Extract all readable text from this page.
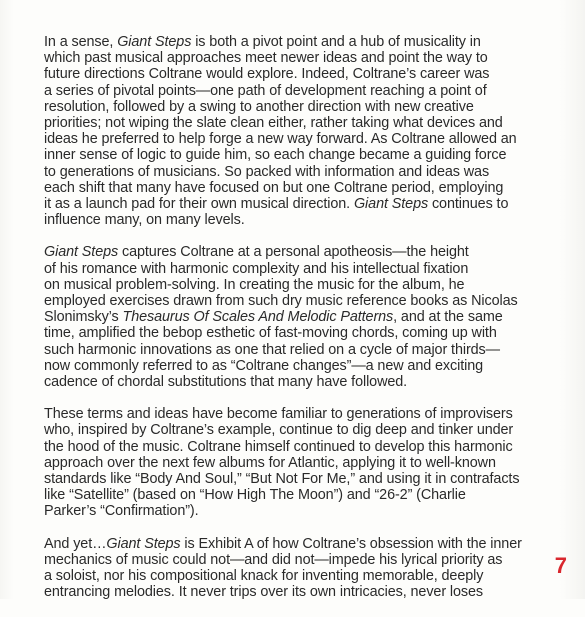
In a sense, Giant Steps is both a pivot point and a hub of musicality in
which past musical approaches meet newer ideas and point the way to
future directions Coltrane would explore. Indeed, Coltrane’s career was
a series of pivotal points—one path of development reaching a point of
resolution, followed by a swing to another direction with new creative
priorities; not wiping the slate clean either, rather taking what devices and
ideas he preferred to help forge a new way forward. As Coltrane allowed an
inner sense of logic to guide him, so each change became a guiding force
to generations of musicians. So packed with information and ideas was
each shift that many have focused on but one Coltrane period, employing
it as a launch pad for their own musical direction. Giant Steps continues to
influence many, on many levels.

Giant Steps captures Coltrane at a personal apotheosis—the height
of his romance with harmonic complexity and his intellectual fixation
on musical problem-solving. In creating the music for the album, he
employed exercises drawn from such dry music reference books as Nicolas
Slonimsky’s Thesaurus Of Scales And Melodic Patterns, and at the same
time, amplified the bebop esthetic of fast-moving chords, coming up with
such harmonic innovations as one that relied on a cycle of major thirds—
now commonly referred to as “Coltrane changes”—a new and exciting
cadence of chordal substitutions that many have followed.

These terms and ideas have become familiar to generations of improvisers
who, inspired by Coltrane’s example, continue to dig deep and tinker under
the hood of the music. Coltrane himself continued to develop this harmonic
approach over the next few albums for Atlantic, applying it to well-known
standards like “Body And Soul,” “But Not For Me,” and using it in contrafacts
like “Satellite” (based on “How High The Moon”) and “26-2” (Charlie
Parker’s “Confirmation”).

And yet…Giant Steps is Exhibit A of how Coltrane’s obsession with the inner
mechanics of music could not—and did not—impede his lyrical priority as
a soloist, nor his compositional knack for inventing memorable, deeply
entrancing melodies. It never trips over its own intricacies, never loses

7
